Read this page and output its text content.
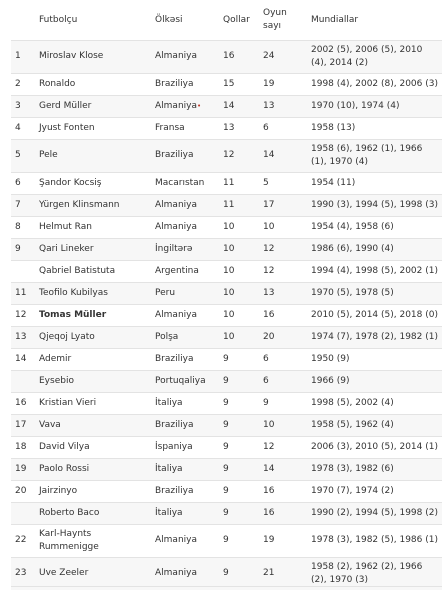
	Futbolçu	Ölkəsi	Qollar	Oyun sayı	Mundiallar
1	Miroslav Klose	Almaniya	16	24	2002 (5), 2006 (5), 2010 (4), 2014 (2)
2	Ronaldo	Braziliya	15	19	1998 (4), 2002 (8), 2006 (3)
3	Gerd Müller	Almaniya•	14	13	1970 (10), 1974 (4)
4	Jyust Fonten	Fransa	13	6	1958 (13)
5	Pele	Braziliya	12	14	1958 (6), 1962 (1), 1966 (1), 1970 (4)
6	Şandor Kocsiş	Macarıstan	11	5	1954 (11)
7	Yürgen Klinsmann	Almaniya	11	17	1990 (3), 1994 (5), 1998 (3)
8	Helmut Ran	Almaniya	10	10	1954 (4), 1958 (6)
9	Qari Lineker	İngiltərə	10	12	1986 (6), 1990 (4)
	Qabriel Batistuta	Argentina	10	12	1994 (4), 1998 (5), 2002 (1)
11	Teofilo Kubilyas	Peru	10	13	1970 (5), 1978 (5)
12	Tomas Müller	Almaniya	10	16	2010 (5), 2014 (5), 2018 (0)
13	Qjeqoj Lyato	Polşa	10	20	1974 (7), 1978 (2), 1982 (1)
14	Ademir	Braziliya	9	6	1950 (9)
	Eysebio	Portuqaliya	9	6	1966 (9)
16	Kristian Vieri	İtaliya	9	9	1998 (5), 2002 (4)
17	Vava	Braziliya	9	10	1958 (5), 1962 (4)
18	David Vilya	İspaniya	9	12	2006 (3), 2010 (5), 2014 (1)
19	Paolo Rossi	İtaliya	9	14	1978 (3), 1982 (6)
20	Jairzinyo	Braziliya	9	16	1970 (7), 1974 (2)
	Roberto Baco	İtaliya	9	16	1990 (2), 1994 (5), 1998 (2)
22	Karl-Haynts Rummenigge	Almaniya	9	19	1978 (3), 1982 (5), 1986 (1)
23	Uve Zeeler	Almaniya	9	21	1958 (2), 1962 (2), 1966 (2), 1970 (3)
